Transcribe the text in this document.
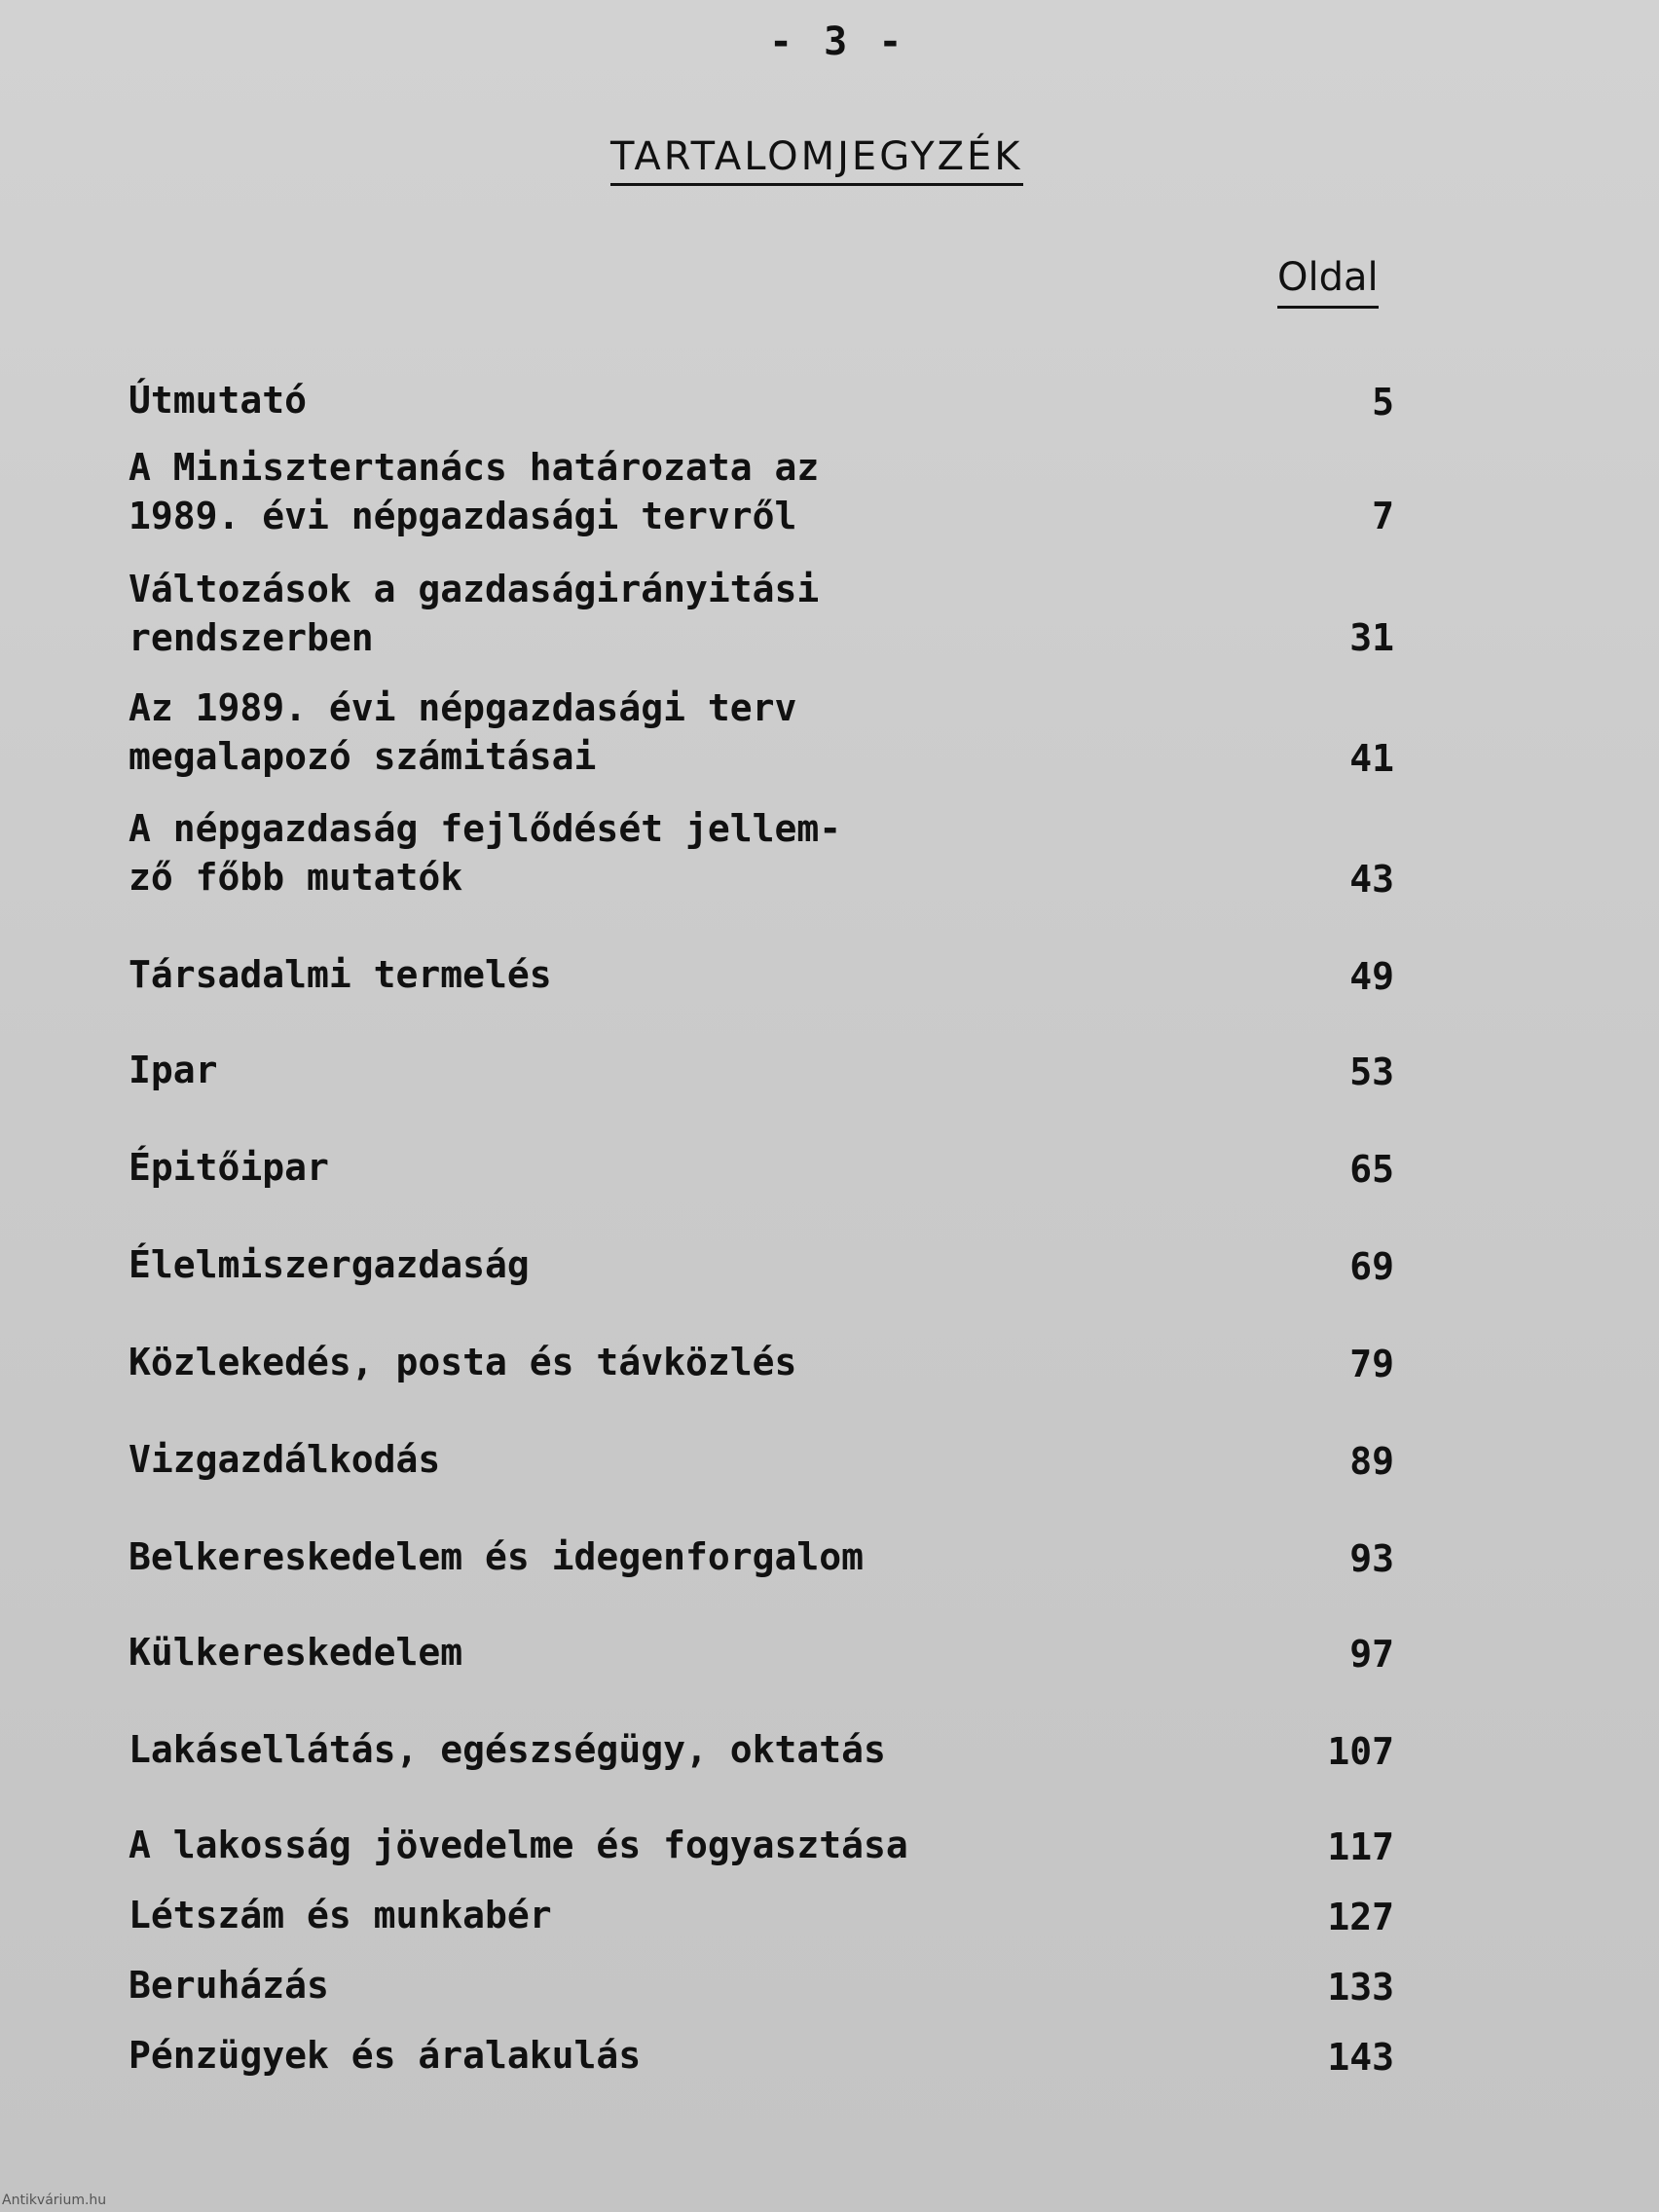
- 3 -
TARTALOMJEGYZÉK
Oldal
Útmutató	5
A Minisztertanács határozata az
1989. évi népgazdasági tervről	7
Változások a gazdaságirányitási
rendszerben	31
Az 1989. évi népgazdasági terv
megalapozó számitásai	41
A népgazdaság fejlődését jellem-
ző főbb mutatók	43
Társadalmi termelés	49
Ipar	53
Épitőipar	65
Élelmiszergazdaság	69
Közlekedés, posta és távközlés	79
Vizgazdálkodás	89
Belkereskedelem és idegenforgalom	93
Külkereskedelem	97
Lakásellátás, egészségügy, oktatás	107
A lakosság jövedelme és fogyasztása	117
Létszám és munkabér	127
Beruházás	133
Pénzügyek és áralakulás	143
Antikvárium.hu
